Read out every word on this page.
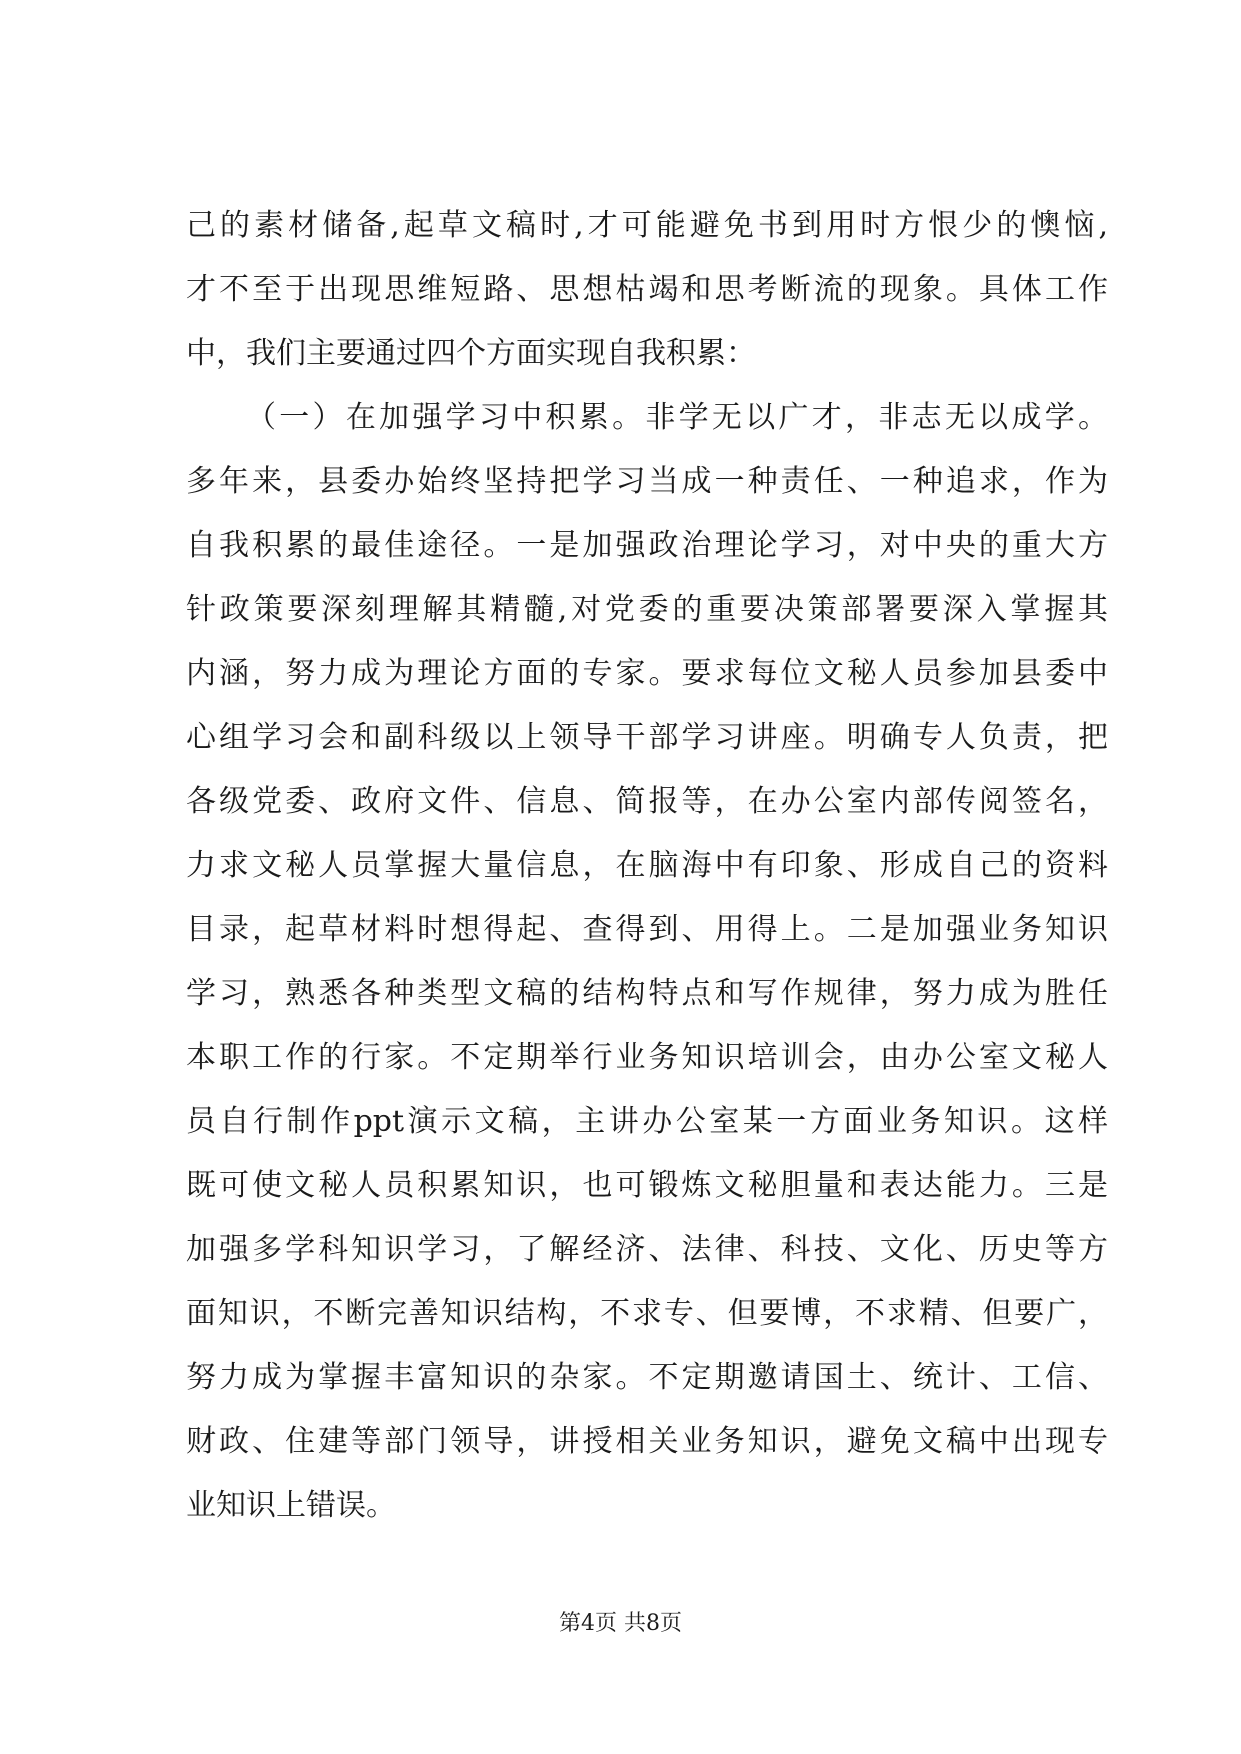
己的素材储备,起草文稿时,才可能避免书到用时方恨少的懊恼,
才不至于出现思维短路、思想枯竭和思考断流的现象。具体工作
中，我们主要通过四个方面实现自我积累：
（一）在加强学习中积累。非学无以广才，非志无以成学。
多年来，县委办始终坚持把学习当成一种责任、一种追求，作为
自我积累的最佳途径。一是加强政治理论学习，对中央的重大方
针政策要深刻理解其精髓,对党委的重要决策部署要深入掌握其
内涵，努力成为理论方面的专家。要求每位文秘人员参加县委中
心组学习会和副科级以上领导干部学习讲座。明确专人负责，把
各级党委、政府文件、信息、简报等，在办公室内部传阅签名，
力求文秘人员掌握大量信息，在脑海中有印象、形成自己的资料
目录，起草材料时想得起、查得到、用得上。二是加强业务知识
学习，熟悉各种类型文稿的结构特点和写作规律，努力成为胜任
本职工作的行家。不定期举行业务知识培训会，由办公室文秘人
员自行制作ppt演示文稿，主讲办公室某一方面业务知识。这样
既可使文秘人员积累知识，也可锻炼文秘胆量和表达能力。三是
加强多学科知识学习，了解经济、法律、科技、文化、历史等方
面知识，不断完善知识结构，不求专、但要博，不求精、但要广，
努力成为掌握丰富知识的杂家。不定期邀请国土、统计、工信、
财政、住建等部门领导，讲授相关业务知识，避免文稿中出现专
业知识上错误。
第4页 共8页
